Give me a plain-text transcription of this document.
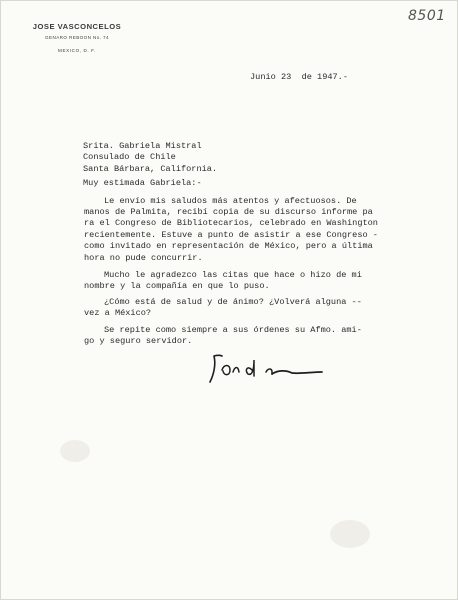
JOSE VASCONCELOS
GENARO REBOON No. 74
MEXICO, D. F.
8501
Junio 23  de 1947.-
Srita. Gabriela Mistral
Consulado de Chile
Santa Bárbara, California.
Muy estimada Gabriela:-
Le envío mis saludos más atentos y afectuosos. De
manos de Palmita, recibí copia de su discurso informe pa
ra el Congreso de Bibliotecarios, celebrado en Washington
recientemente. Estuve a punto de asistir a ese Congreso -
como invitado en representación de México, pero a última
hora no pude concurrir.
Mucho le agradezco las citas que hace o hizo de mi
nombre y la compañía en que lo puso.
¿Cómo está de salud y de ánimo? ¿Volverá alguna --
vez a México?
Se repite como siempre a sus órdenes su Afmo. ami-
go y seguro servidor.
